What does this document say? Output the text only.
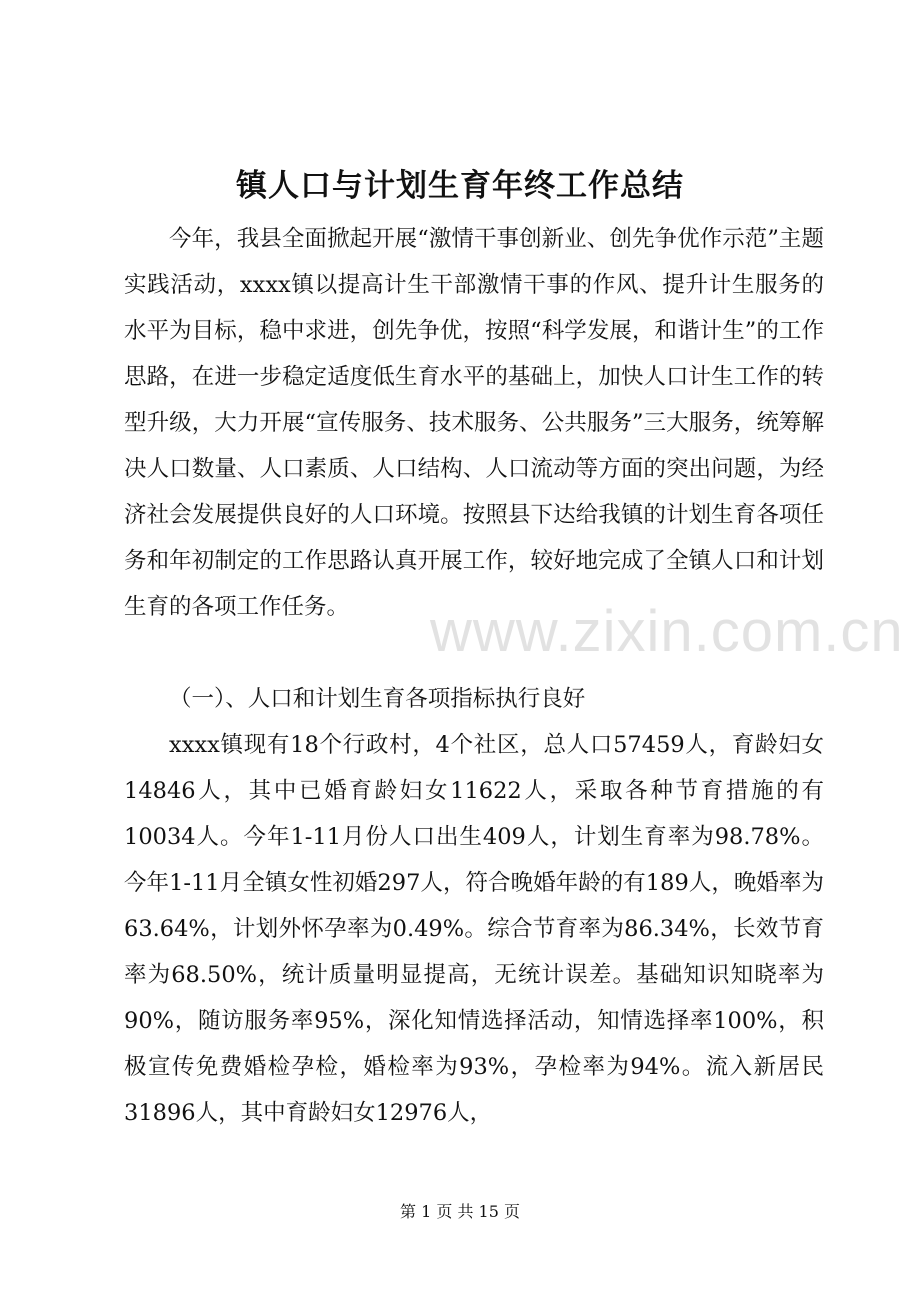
镇人口与计划生育年终工作总结

今年，我县全面掀起开展“激情干事创新业、创先争优作示范”主题实践活动，xxxx镇以提高计生干部激情干事的作风、提升计生服务的水平为目标，稳中求进，创先争优，按照“科学发展，和谐计生”的工作思路，在进一步稳定适度低生育水平的基础上，加快人口计生工作的转型升级，大力开展“宣传服务、技术服务、公共服务”三大服务，统筹解决人口数量、人口素质、人口结构、人口流动等方面的突出问题，为经济社会发展提供良好的人口环境。按照县下达给我镇的计划生育各项任务和年初制定的工作思路认真开展工作，较好地完成了全镇人口和计划生育的各项工作任务。

（一）、人口和计划生育各项指标执行良好

xxxx镇现有18个行政村，4个社区，总人口57459人，育龄妇女14846人，其中已婚育龄妇女11622人，采取各种节育措施的有10034人。今年1-11月份人口出生409人，计划生育率为98.78%。今年1-11月全镇女性初婚297人，符合晚婚年龄的有189人，晚婚率为63.64%，计划外怀孕率为0.49%。综合节育率为86.34%，长效节育率为68.50%，统计质量明显提高，无统计误差。基础知识知晓率为90%，随访服务率95%，深化知情选择活动，知情选择率100%，积极宣传免费婚检孕检，婚检率为93%，孕检率为94%。流入新居民31896人，其中育龄妇女12976人，

www.zixin.com.cn
第 1 页 共 15 页
